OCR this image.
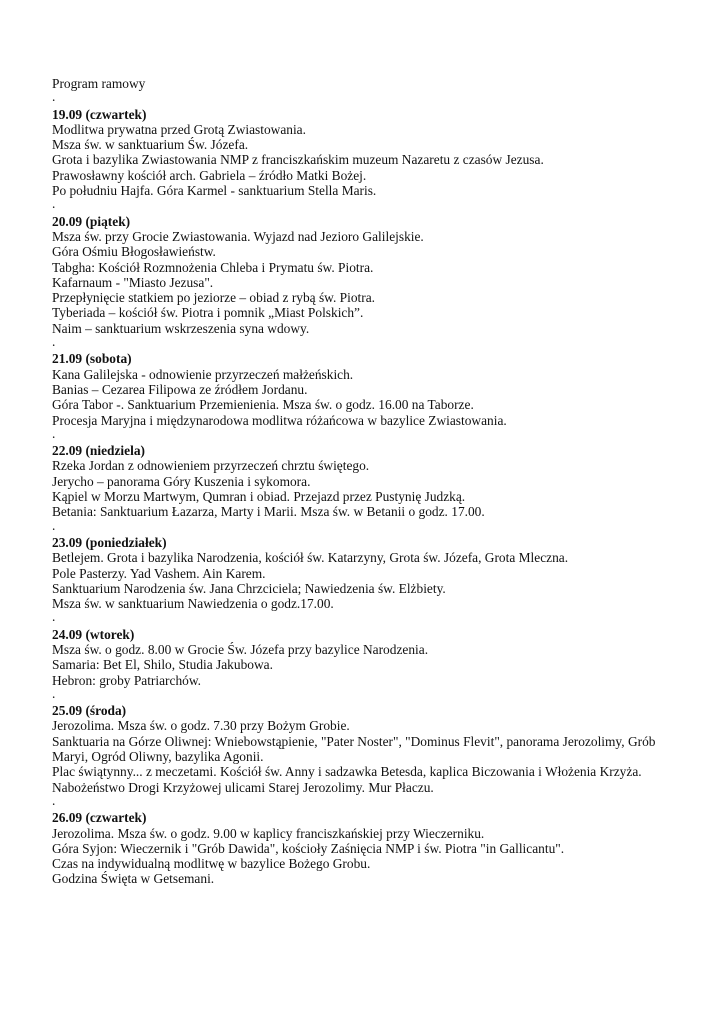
Program ramowy
.
19.09 (czwartek)
Modlitwa prywatna przed Grotą Zwiastowania.
Msza św. w sanktuarium Św. Józefa.
Grota i bazylika Zwiastowania NMP z franciszkańskim muzeum Nazaretu z czasów Jezusa.
Prawosławny kościół arch. Gabriela – źródło Matki Bożej.
Po południu Hajfa. Góra Karmel - sanktuarium Stella Maris.
.
20.09 (piątek)
Msza św. przy Grocie Zwiastowania. Wyjazd nad Jezioro Galilejskie.
Góra Ośmiu Błogosławieństw.
Tabgha: Kościół Rozmnożenia Chleba i Prymatu św. Piotra.
Kafarnaum - "Miasto Jezusa".
Przepłynięcie statkiem po jeziorze – obiad z rybą św. Piotra.
Tyberiada – kościół św. Piotra i pomnik „Miast Polskich”.
Naim – sanktuarium wskrzeszenia syna wdowy.
.
21.09 (sobota)
Kana Galilejska - odnowienie przyrzeczeń małżeńskich.
Banias – Cezarea Filipowa ze źródłem Jordanu.
Góra Tabor -. Sanktuarium Przemienienia. Msza św. o godz. 16.00 na Taborze.
Procesja Maryjna i międzynarodowa modlitwa różańcowa w bazylice Zwiastowania.
.
22.09 (niedziela)
Rzeka Jordan z odnowieniem przyrzeczeń chrztu świętego.
Jerycho – panorama Góry Kuszenia i sykomora.
Kąpiel w Morzu Martwym, Qumran i obiad. Przejazd przez Pustynię Judzką.
Betania: Sanktuarium Łazarza, Marty i Marii. Msza św. w Betanii o godz. 17.00.
.
23.09 (poniedziałek)
Betlejem. Grota i bazylika Narodzenia, kościół św. Katarzyny, Grota św. Józefa, Grota Mleczna.
Pole Pasterzy. Yad Vashem. Ain Karem.
Sanktuarium Narodzenia św. Jana Chrzciciela; Nawiedzenia św. Elżbiety.
Msza św. w sanktuarium Nawiedzenia o godz.17.00.
.
24.09 (wtorek)
Msza św. o godz. 8.00 w Grocie Św. Józefa przy bazylice Narodzenia.
Samaria: Bet El, Shilo, Studia Jakubowa.
Hebron: groby Patriarchów.
.
25.09 (środa)
Jerozolima. Msza św. o godz. 7.30 przy Bożym Grobie.
Sanktuaria na Górze Oliwnej: Wniebowstąpienie, "Pater Noster", "Dominus Flevit", panorama Jerozolimy, Grób Maryi, Ogród Oliwny, bazylika Agonii.
Plac świątynny... z meczetami. Kościół św. Anny i sadzawka Betesda, kaplica Biczowania i Włożenia Krzyża.
Nabożeństwo Drogi Krzyżowej ulicami Starej Jerozolimy. Mur Płaczu.
.
26.09 (czwartek)
Jerozolima. Msza św. o godz. 9.00 w kaplicy franciszkańskiej przy Wieczerniku.
Góra Syjon: Wieczernik i "Grób Dawida", kościoły Zaśnięcia NMP i św. Piotra "in Gallicantu".
Czas na indywidualną modlitwę w bazylice Bożego Grobu.
Godzina Święta w Getsemani.
